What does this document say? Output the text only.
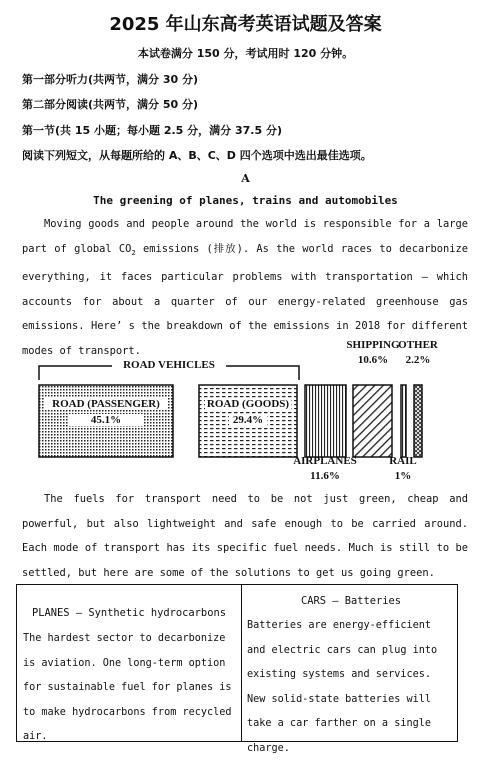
2025 年山东高考英语试题及答案
本试卷满分 150 分，考试用时 120 分钟。
第一部分听力(共两节，满分 30 分)
第二部分阅读(共两节，满分 50 分)
第一节(共 15 小题；每小题 2.5 分，满分 37.5 分)
阅读下列短文，从每题所给的 A、B、C、D 四个选项中选出最佳选项。
A
The greening of planes, trains and automobiles

Moving goods and people around the world is responsible for a large part of global $CO_2$ emissions (排放). As the world races to decarbonize everything, it faces particular problems with transportation — which accounts for about a quarter of our energy-related greenhouse gas emissions. Here’ s the breakdown of the emissions in 2018 for different modes of transport.

ROAD VEHICLES
ROAD (PASSENGER)
45.1%
ROAD (GOODS)
29.4%
AIRPLANES
11.6%
SHIPPING
10.6%
RAIL
1%
OTHER
2.2%

The fuels for transport need to be not just green, cheap and powerful, but also lightweight and safe enough to be carried around. Each mode of transport has its specific fuel needs. Much is still to be settled, but here are some of the solutions to get us going green.

PLANES — Synthetic hydrocarbons
The hardest sector to decarbonize is aviation. One long-term option for sustainable fuel for planes is to make hydrocarbons from recycled air.
CARS — Batteries
Batteries are energy-efficient and electric cars can plug into existing systems and services. New solid-state batteries will take a car farther on a single charge.
